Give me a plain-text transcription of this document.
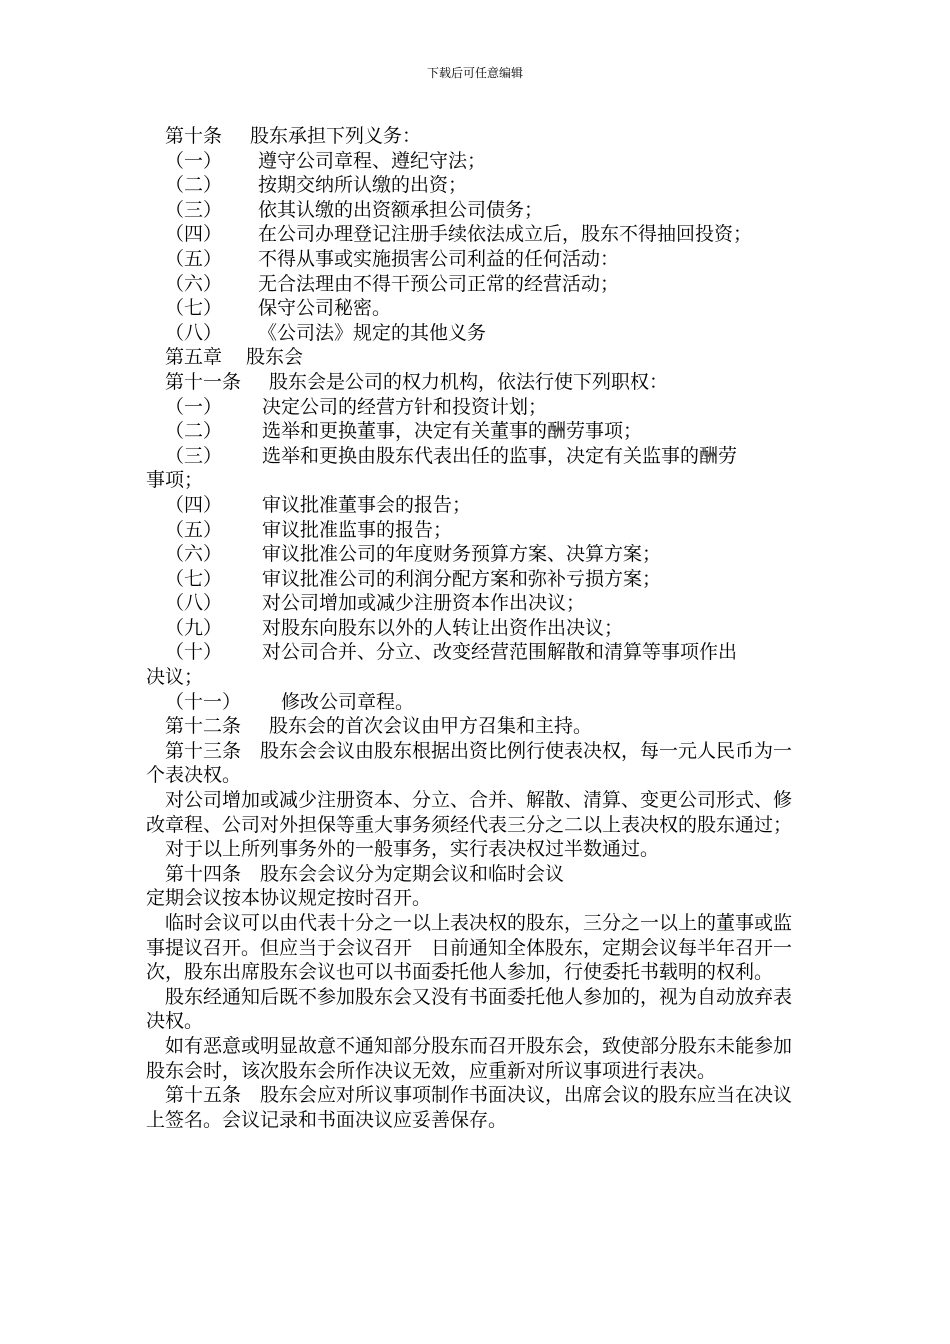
下载后可任意编辑
第十条 股东承担下列义务：
（一） 遵守公司章程、遵纪守法；
（二） 按期交纳所认缴的出资；
（三） 依其认缴的出资额承担公司债务；
（四） 在公司办理登记注册手续依法成立后，股东不得抽回投资；
（五） 不得从事或实施损害公司利益的任何活动：
（六） 无合法理由不得干预公司正常的经营活动；
（七） 保守公司秘密。
（八） 《公司法》规定的其他义务
第五章 股东会
第十一条 股东会是公司的权力机构，依法行使下列职权：
（一） 决定公司的经营方针和投资计划；
（二） 选举和更换董事，决定有关董事的酬劳事项；
（三） 选举和更换由股东代表出任的监事，决定有关监事的酬劳
事项；
（四） 审议批准董事会的报告；
（五） 审议批准监事的报告；
（六） 审议批准公司的年度财务预算方案、决算方案；
（七） 审议批准公司的利润分配方案和弥补亏损方案；
（八） 对公司增加或减少注册资本作出决议；
（九） 对股东向股东以外的人转让出资作出决议；
（十） 对公司合并、分立、改变经营范围解散和清算等事项作出
决议；
（十一） 修改公司章程。
第十二条 股东会的首次会议由甲方召集和主持。
第十三条　股东会会议由股东根据出资比例行使表决权，每一元人民币为一个表决权。
对公司增加或减少注册资本、分立、合并、解散、清算、变更公司形式、修改章程、公司对外担保等重大事务须经代表三分之二以上表决权的股东通过；
对于以上所列事务外的一般事务，实行表决权过半数通过。
第十四条　股东会会议分为定期会议和临时会议
定期会议按本协议规定按时召开。
临时会议可以由代表十分之一以上表决权的股东，三分之一以上的董事或监事提议召开。但应当于会议召开　日前通知全体股东，定期会议每半年召开一次，股东出席股东会议也可以书面委托他人参加，行使委托书载明的权利。
股东经通知后既不参加股东会又没有书面委托他人参加的，视为自动放弃表决权。
如有恶意或明显故意不通知部分股东而召开股东会，致使部分股东未能参加股东会时，该次股东会所作决议无效，应重新对所议事项进行表决。
第十五条　股东会应对所议事项制作书面决议，出席会议的股东应当在决议上签名。会议记录和书面决议应妥善保存。
